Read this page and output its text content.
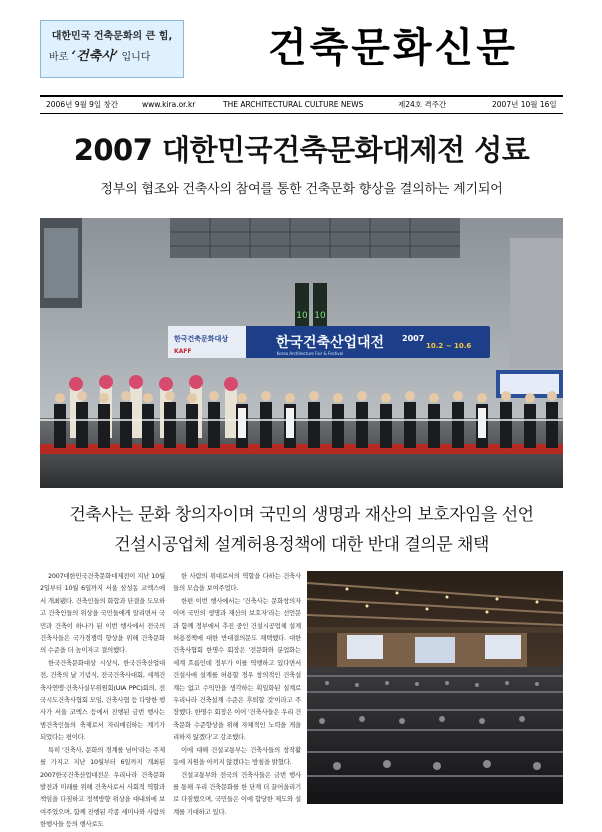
대한민국 건축문화의 큰 힘,
바로 ‘건축사’ 입니다	건축문화신문
2006년 9월 9일 창간	www.kira.or.kr	THE ARCHITECTURAL CULTURE NEWS	제24호 격주간	2007년 10월 16일
2007 대한민국건축문화대제전 성료
정부의 협조와 건축사의 참여를 통한 건축문화 향상을 결의하는 계기되어
10 10
한국건축문화대상
KAFF
한국건축산업대전
Korea Architecture Fair & Festival
2007
10.2 ~ 10.6
건축사는 문화 창의자이며 국민의 생명과 재산의 보호자임을 선언
건설시공업체 설계허용정책에 대한 반대 결의문 채택

2007대한민국건축문화대제전이 지난 10월 2일부터 10월 6일까지 서울 삼성동 코엑스에서 개최됐다. 건축인들의 화합과 단결을 도모하고 건축인들의 위상을 국민들에게 알리면서 국민과 건축이 하나가 된 이번 행사에서 전국의 건축사들은 국가경쟁력 향상을 위해 건축문화의 수준을 더 높이자고 결의했다.

한국건축문화대상 시상식, 한국건축산업대전, 건축의 날 기념식, 전국건축사대회, 세계건축사연맹·건축사실무위원회(UIA PPC)회의, 전국시도건축사협회 모임, 건축사협 등 다양한 행사가 서울 코엑스 등에서 진행된 금번 행사는 범건축인들의 축제로서 자리매김하는 계기가 되었다는 평이다.

특히 '건축사, 문화의 경계를 넘어'라는 주제를 가지고 지난 10월부터 6일까지 개최된 2007한국건축산업대전은 우리나라 건축문화 발전과 미래를 위해 건축사로서 사회적 역할과 책임을 다짐하고 정책방향 위상을 대내외에 보여주었으며, 함께 진행된 각종 세미나와 사람의 한행사들 등의 행사로도

한 사람의 위대로서의 역할을 다하는 건축사들의 모습을 보여주었다.

한편 이번 행사에서는 '건축사는 문화창의자이며 국민의 생명과 재산의 보호자'라는 선언문과 함께 정부에서 추진 중인 건설시공업체 설계허용정책에 대한 반대결의문도 채택했다. 대한건축사협회 한명수 회장은 '전문화와 분업화는 세계 흐름인데 정부가 이를 역행하고 있다면서 건설사에 설계를 허용할 경우 창의적인 건축설계는 없고 수익만을 생각하는 획일화된 설계로 우리나라 건축설계 수준은 후퇴할 것'이라고 주장했다. 한명수 회장은 이어 '건축사들은 우리 건축문화 수준향상을 위해 자체적인 노력을 게을리하지 않겠다'고 강조했다.

이에 대해 건설교통부는 건축사들의 창작활동에 지원을 아끼지 않겠다는 방침을 밝혔다.

건설교통부와 전국의 건축사들은 금번 행사를 통해 우리 건축문화를 한 단계 더 끌어올리기로 다짐했으며, 국민들은 이에 합당한 제도와 설계를 기대하고 있다.
